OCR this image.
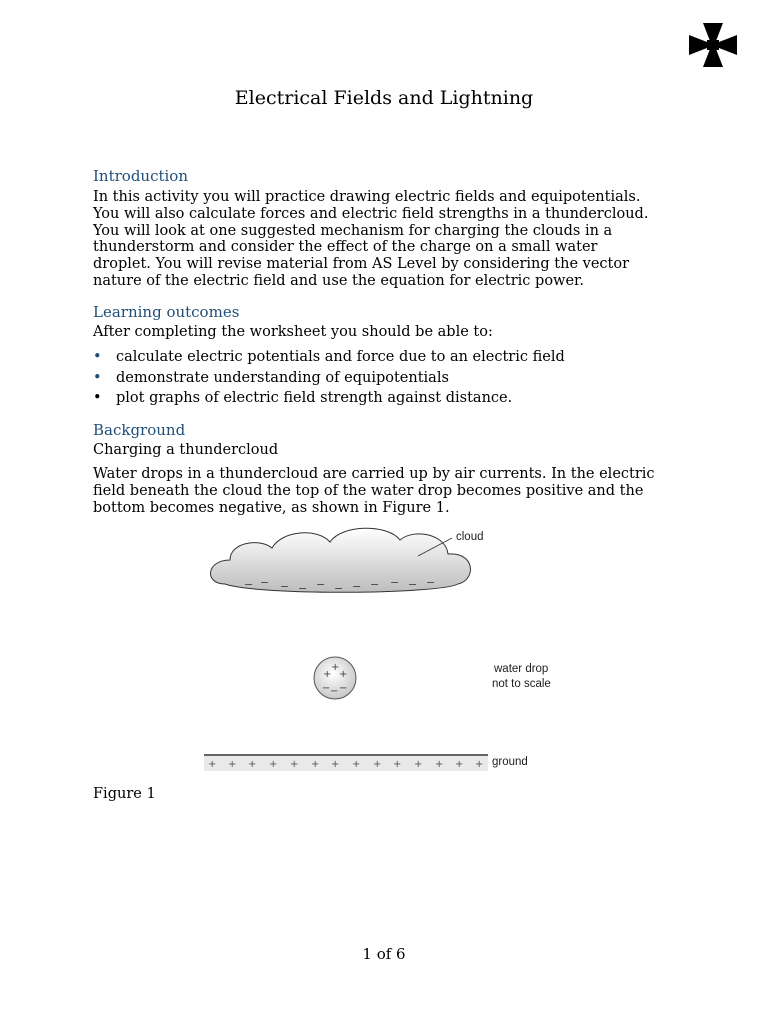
Electrical Fields and Lightning
Introduction
In this activity you will practice drawing electric fields and equipotentials.
You will also calculate forces and electric field strengths in a thundercloud.
You will look at one suggested mechanism for charging the clouds in a
thunderstorm and consider the effect of the charge on a small water
droplet. You will revise material from AS Level by considering the vector
nature of the electric field and use the equation for electric power.
Learning outcomes
After completing the worksheet you should be able to:
• calculate electric potentials and force due to an electric field
• demonstrate understanding of equipotentials
• plot graphs of electric field strength against distance.
Background
Charging a thundercloud
Water drops in a thundercloud are carried up by air currents. In the electric
field beneath the cloud the top of the water drop becomes positive and the
bottom becomes negative, as shown in Figure 1.
− − − − − − − − − − −
cloud
+
+ +
− − −
water drop
not to scale
+ + + + + + + + + + + + + + ground
Figure 1
1 of 6
